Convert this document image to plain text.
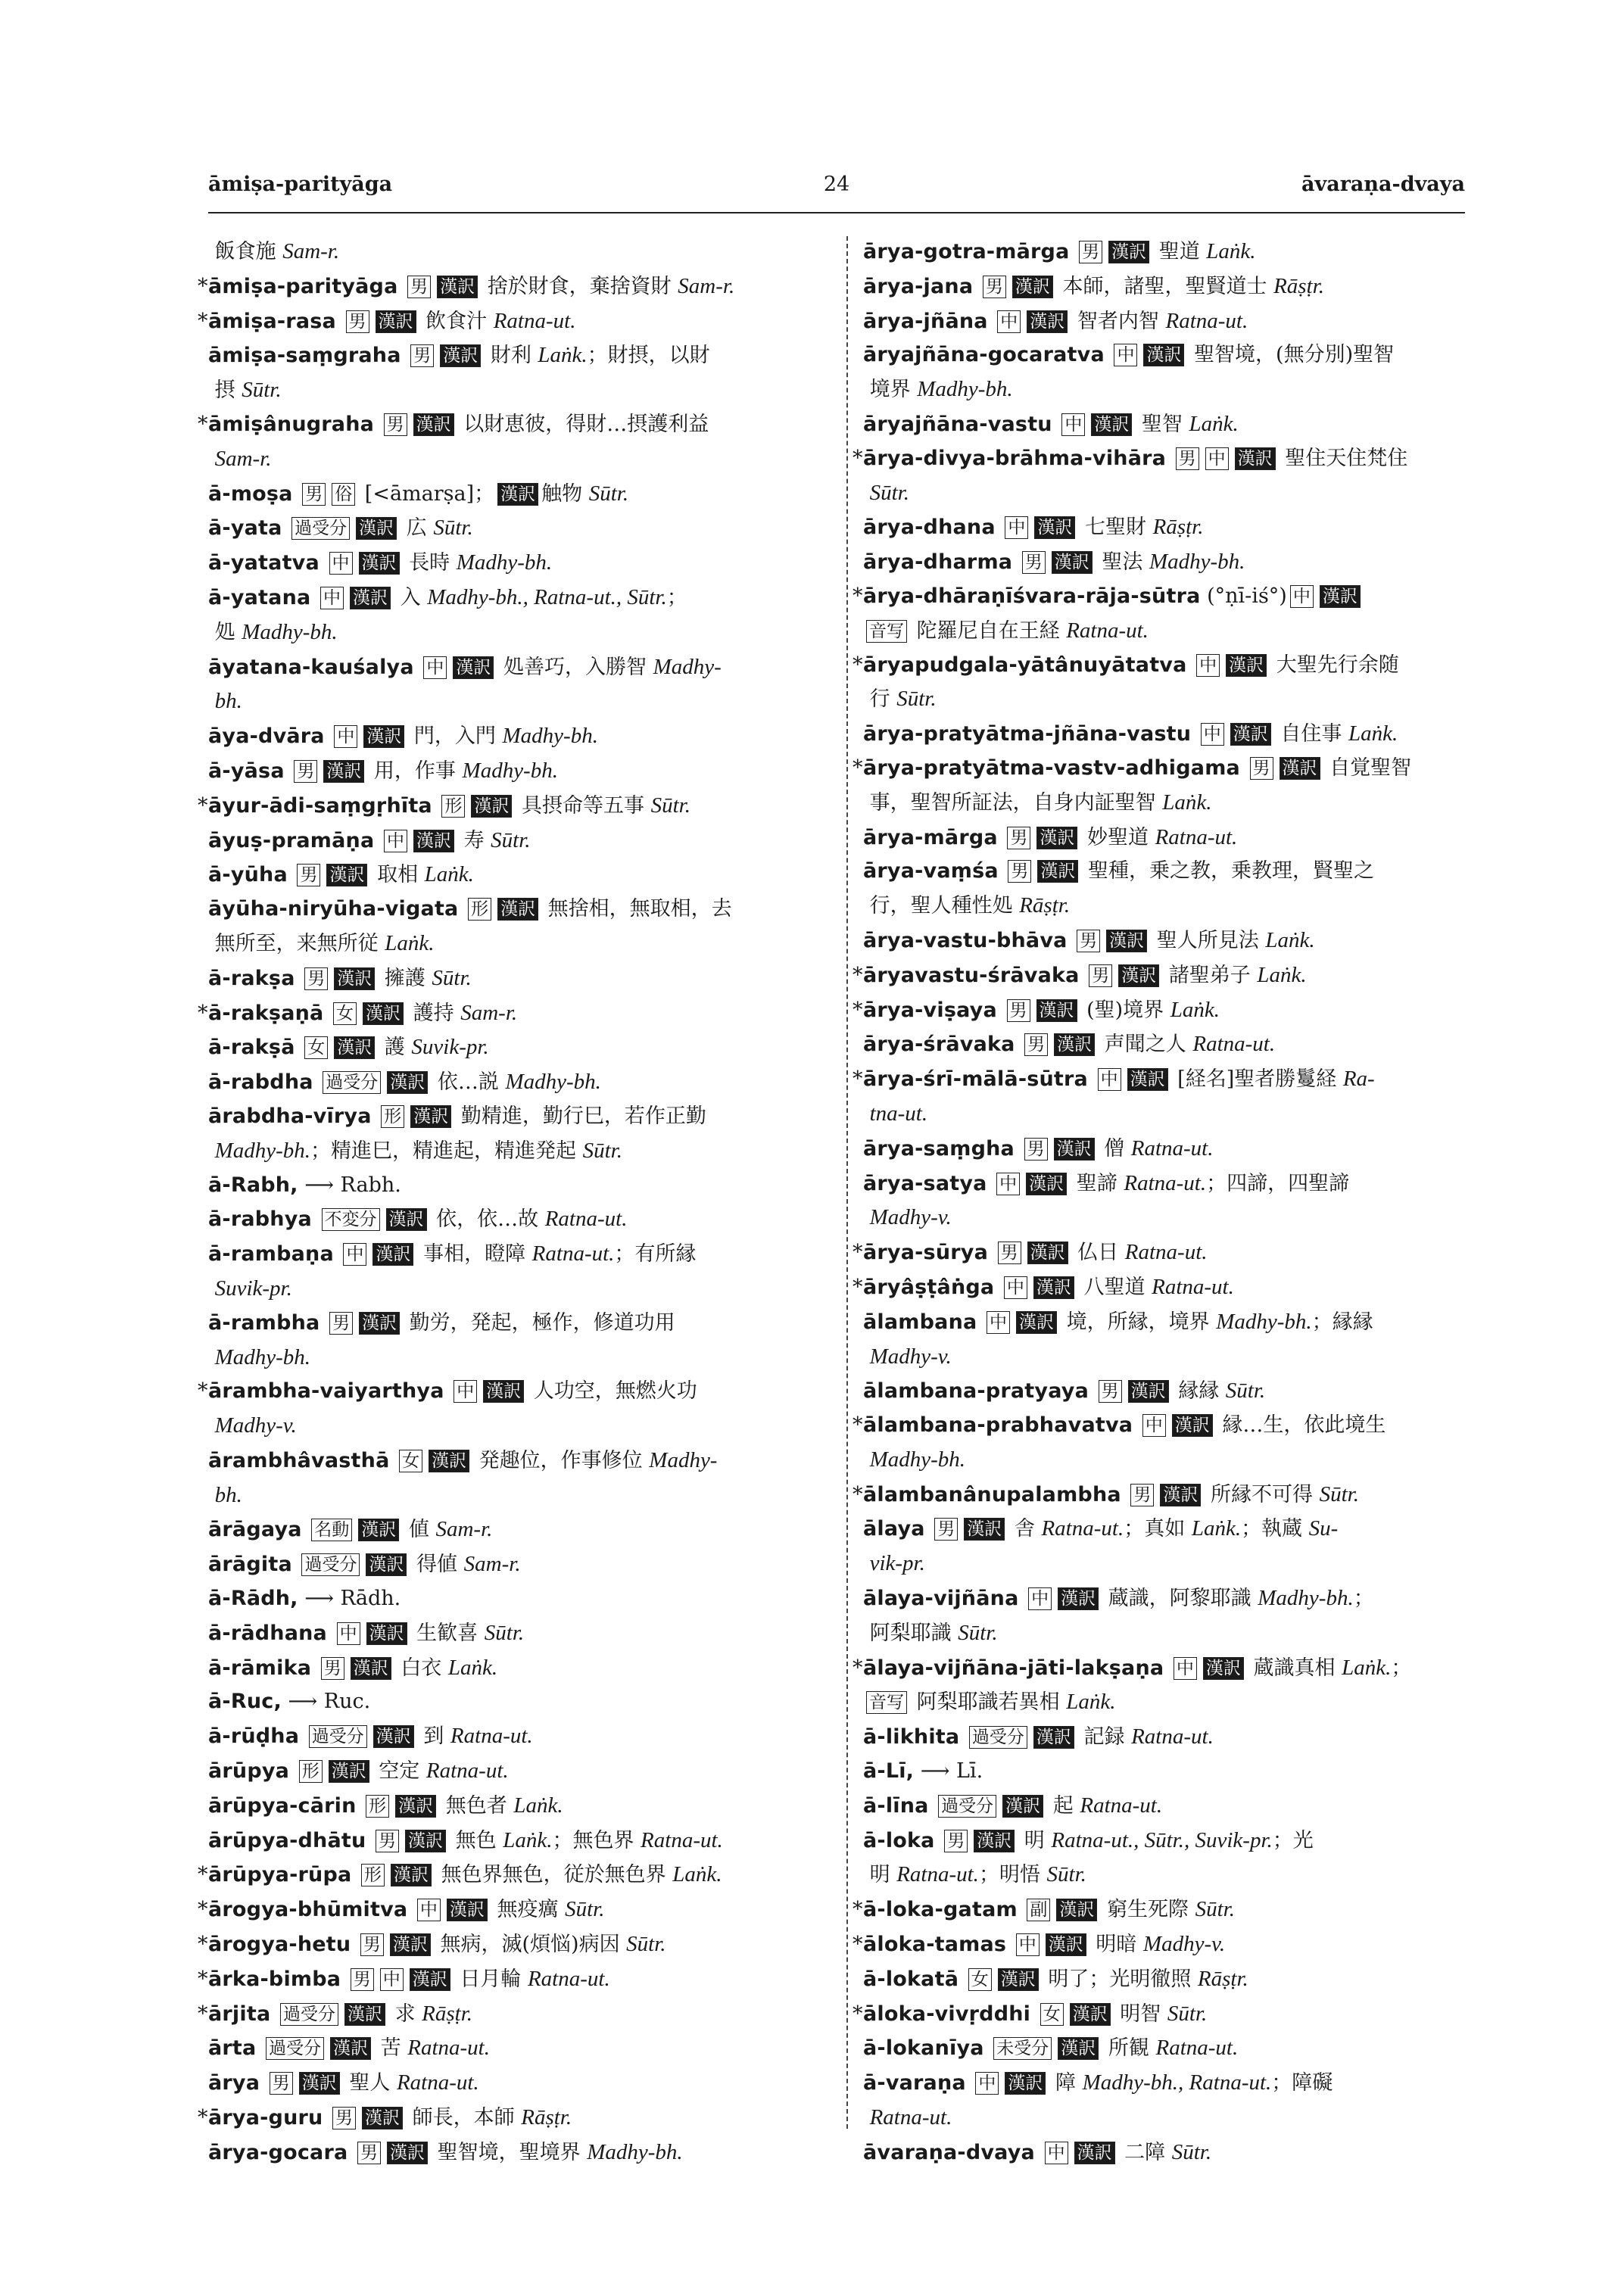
āmiṣa-parityāga	24	āvaraṇa-dvaya
飯食施 Sam-r.
*āmiṣa-parityāga 男 漢訳 捨於財食，棄捨資財 Sam-r.
*āmiṣa-rasa 男 漢訳 飲食汁 Ratna-ut.
āmiṣa-saṃgraha 男 漢訳 財利 Laṅk.；財摂，以財
摂 Sūtr.
*āmiṣânugraha 男 漢訳 以財恵彼，得財…摂護利益
Sam-r.
ā-moṣa 男 俗 [<āmarṣa]； 漢訳 触物 Sūtr.
ā-yata 過受分 漢訳 広 Sūtr.
ā-yatatva 中 漢訳 長時 Madhy-bh.
ā-yatana 中 漢訳 入 Madhy-bh., Ratna-ut., Sūtr.；
処 Madhy-bh.
āyatana-kauśalya 中 漢訳 処善巧，入勝智 Madhy-
bh.
āya-dvāra 中 漢訳 門，入門 Madhy-bh.
ā-yāsa 男 漢訳 用，作事 Madhy-bh.
*āyur-ādi-saṃgṛhīta 形 漢訳 具摂命等五事 Sūtr.
āyuṣ-pramāṇa 中 漢訳 寿 Sūtr.
ā-yūha 男 漢訳 取相 Laṅk.
āyūha-niryūha-vigata 形 漢訳 無捨相，無取相，去
無所至，来無所従 Laṅk.
ā-rakṣa 男 漢訳 擁護 Sūtr.
*ā-rakṣaṇā 女 漢訳 護持 Sam-r.
ā-rakṣā 女 漢訳 護 Suvik-pr.
ā-rabdha 過受分 漢訳 依…説 Madhy-bh.
ārabdha-vīrya 形 漢訳 勤精進，勤行巳，若作正勤
Madhy-bh.；精進巳，精進起，精進発起 Sūtr.
ā-Rabh, ⟶ Rabh.
ā-rabhya 不変分 漢訳 依，依…故 Ratna-ut.
ā-rambaṇa 中 漢訳 事相，瞪障 Ratna-ut.；有所縁
Suvik-pr.
ā-rambha 男 漢訳 勤労，発起，極作，修道功用
Madhy-bh.
*ārambha-vaiyarthya 中 漢訳 人功空，無燃火功
Madhy-v.
ārambhâvasthā 女 漢訳 発趣位，作事修位 Madhy-
bh.
ārāgaya 名動 漢訳 値 Sam-r.
ārāgita 過受分 漢訳 得値 Sam-r.
ā-Rādh, ⟶ Rādh.
ā-rādhana 中 漢訳 生歓喜 Sūtr.
ā-rāmika 男 漢訳 白衣 Laṅk.
ā-Ruc, ⟶ Ruc.
ā-rūḍha 過受分 漢訳 到 Ratna-ut.
ārūpya 形 漢訳 空定 Ratna-ut.
ārūpya-cārin 形 漢訳 無色者 Laṅk.
ārūpya-dhātu 男 漢訳 無色 Laṅk.；無色界 Ratna-ut.
*ārūpya-rūpa 形 漢訳 無色界無色，従於無色界 Laṅk.
*ārogya-bhūmitva 中 漢訳 無疫癘 Sūtr.
*ārogya-hetu 男 漢訳 無病，滅(煩悩)病因 Sūtr.
*ārka-bimba 男 中 漢訳 日月輪 Ratna-ut.
*ārjita 過受分 漢訳 求 Rāṣṭr.
ārta 過受分 漢訳 苦 Ratna-ut.
ārya 男 漢訳 聖人 Ratna-ut.
*ārya-guru 男 漢訳 師長，本師 Rāṣṭr.
ārya-gocara 男 漢訳 聖智境，聖境界 Madhy-bh.
ārya-gotra-mārga 男 漢訳 聖道 Laṅk.
ārya-jana 男 漢訳 本師，諸聖，聖賢道士 Rāṣṭr.
ārya-jñāna 中 漢訳 智者内智 Ratna-ut.
āryajñāna-gocaratva 中 漢訳 聖智境，(無分別)聖智
境界 Madhy-bh.
āryajñāna-vastu 中 漢訳 聖智 Laṅk.
*ārya-divya-brāhma-vihāra 男 中 漢訳 聖住天住梵住
Sūtr.
ārya-dhana 中 漢訳 七聖財 Rāṣṭr.
ārya-dharma 男 漢訳 聖法 Madhy-bh.
*ārya-dhāraṇīśvara-rāja-sūtra (°ṇī-iś°) 中 漢訳
音写 陀羅尼自在王経 Ratna-ut.
*āryapudgala-yātânuyātatva 中 漢訳 大聖先行余随
行 Sūtr.
ārya-pratyātma-jñāna-vastu 中 漢訳 自住事 Laṅk.
*ārya-pratyātma-vastv-adhigama 男 漢訳 自覚聖智
事，聖智所証法，自身内証聖智 Laṅk.
ārya-mārga 男 漢訳 妙聖道 Ratna-ut.
ārya-vaṃśa 男 漢訳 聖種，乗之教，乗教理，賢聖之
行，聖人種性処 Rāṣṭr.
ārya-vastu-bhāva 男 漢訳 聖人所見法 Laṅk.
*āryavastu-śrāvaka 男 漢訳 諸聖弟子 Laṅk.
*ārya-viṣaya 男 漢訳 (聖)境界 Laṅk.
ārya-śrāvaka 男 漢訳 声聞之人 Ratna-ut.
*ārya-śrī-mālā-sūtra 中 漢訳 [経名]聖者勝鬘経 Ra-
tna-ut.
ārya-saṃgha 男 漢訳 僧 Ratna-ut.
ārya-satya 中 漢訳 聖諦 Ratna-ut.；四諦，四聖諦
Madhy-v.
*ārya-sūrya 男 漢訳 仏日 Ratna-ut.
*āryâṣṭâṅga 中 漢訳 八聖道 Ratna-ut.
ālambana 中 漢訳 境，所縁，境界 Madhy-bh.；縁縁
Madhy-v.
ālambana-pratyaya 男 漢訳 縁縁 Sūtr.
*ālambana-prabhavatva 中 漢訳 縁…生，依此境生
Madhy-bh.
*ālambanânupalambha 男 漢訳 所縁不可得 Sūtr.
ālaya 男 漢訳 舎 Ratna-ut.；真如 Laṅk.；執蔵 Su-
vik-pr.
ālaya-vijñāna 中 漢訳 蔵識，阿黎耶識 Madhy-bh.；
阿梨耶識 Sūtr.
*ālaya-vijñāna-jāti-lakṣaṇa 中 漢訳 蔵識真相 Laṅk.；
音写 阿梨耶識若異相 Laṅk.
ā-likhita 過受分 漢訳 記録 Ratna-ut.
ā-Lī, ⟶ Lī.
ā-līna 過受分 漢訳 起 Ratna-ut.
ā-loka 男 漢訳 明 Ratna-ut., Sūtr., Suvik-pr.；光
明 Ratna-ut.；明悟 Sūtr.
*ā-loka-gatam 副 漢訳 窮生死際 Sūtr.
*āloka-tamas 中 漢訳 明暗 Madhy-v.
ā-lokatā 女 漢訳 明了；光明徹照 Rāṣṭr.
*āloka-vivṛddhi 女 漢訳 明智 Sūtr.
ā-lokanīya 未受分 漢訳 所観 Ratna-ut.
ā-varaṇa 中 漢訳 障 Madhy-bh., Ratna-ut.；障礙
Ratna-ut.
āvaraṇa-dvaya 中 漢訳 二障 Sūtr.
